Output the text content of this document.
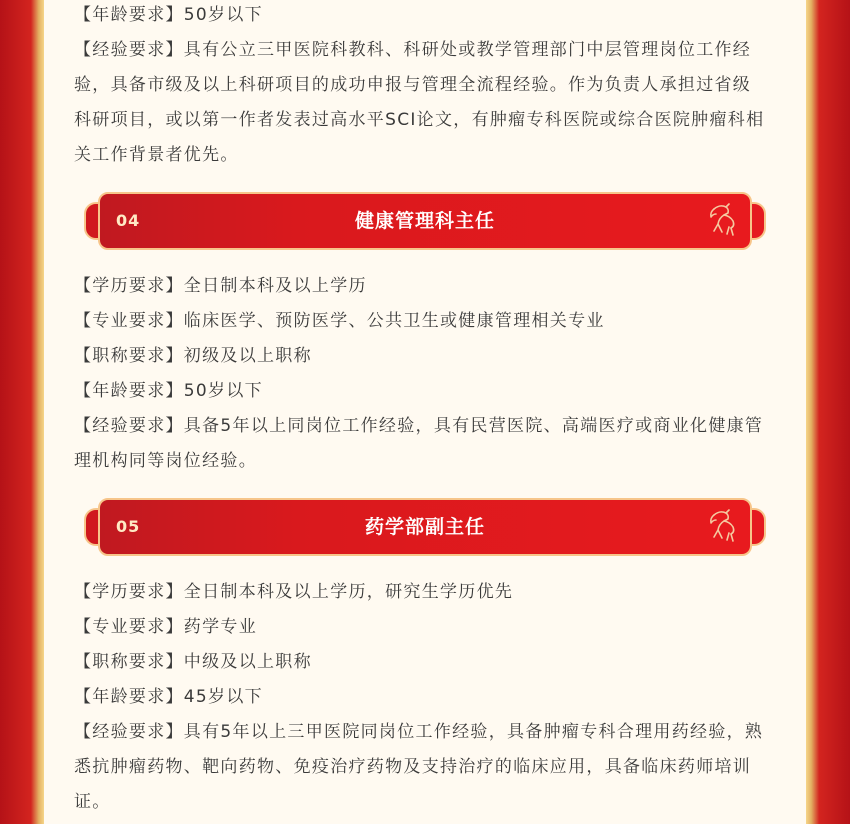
【年龄要求】50岁以下
【经验要求】具有公立三甲医院科教科、科研处或教学管理部门中层管理岗位工作经
验，具备市级及以上科研项目的成功申报与管理全流程经验。作为负责人承担过省级
科研项目，或以第一作者发表过高水平SCI论文，有肿瘤专科医院或综合医院肿瘤科相
关工作背景者优先。
04	健康管理科主任
【学历要求】全日制本科及以上学历
【专业要求】临床医学、预防医学、公共卫生或健康管理相关专业
【职称要求】初级及以上职称
【年龄要求】50岁以下
【经验要求】具备5年以上同岗位工作经验，具有民营医院、高端医疗或商业化健康管
理机构同等岗位经验。
05	药学部副主任
【学历要求】全日制本科及以上学历，研究生学历优先
【专业要求】药学专业
【职称要求】中级及以上职称
【年龄要求】45岁以下
【经验要求】具有5年以上三甲医院同岗位工作经验，具备肿瘤专科合理用药经验，熟
悉抗肿瘤药物、靶向药物、免疫治疗药物及支持治疗的临床应用，具备临床药师培训
证。
